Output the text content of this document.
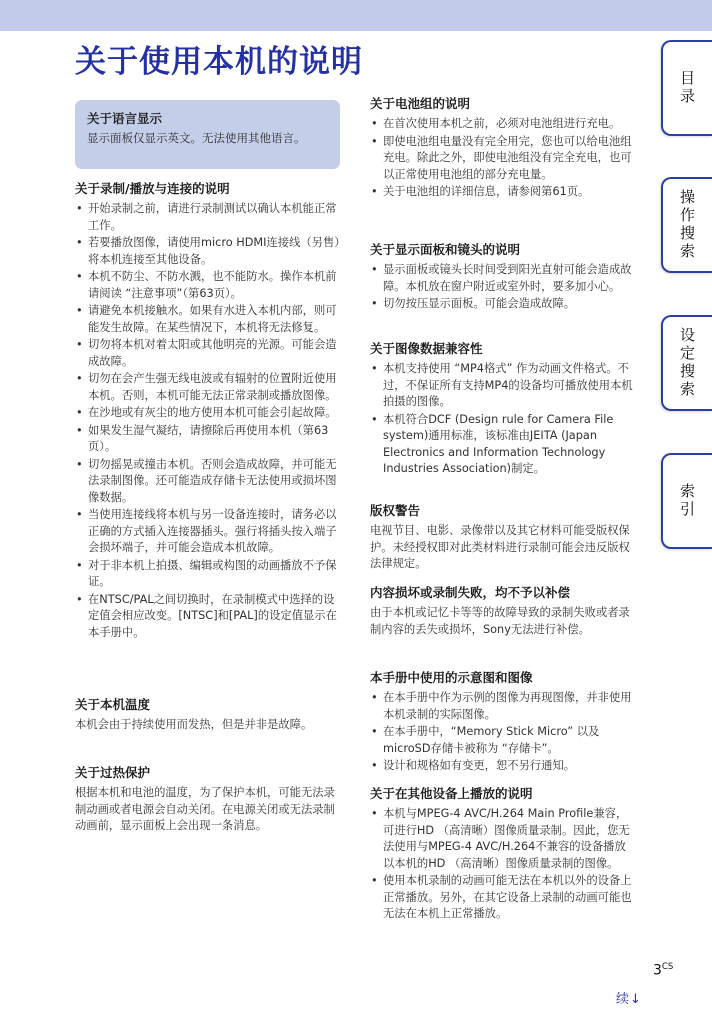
关于使用本机的说明
关于语言显示

显示面板仅显示英文。无法使用其他语言。

关于录制/播放与连接的说明
• 开始录制之前，请进行录制测试以确认本机能正常工作。
• 若要播放图像，请使用micro HDMI连接线（另售）将本机连接至其他设备。
• 本机不防尘、不防水溅，也不能防水。操作本机前请阅读 “注意事项”（第63页）。
• 请避免本机接触水。如果有水进入本机内部，则可能发生故障。在某些情况下，本机将无法修复。
• 切勿将本机对着太阳或其他明亮的光源。可能会造成故障。
• 切勿在会产生强无线电波或有辐射的位置附近使用本机。否则，本机可能无法正常录制或播放图像。
• 在沙地或有灰尘的地方使用本机可能会引起故障。
• 如果发生湿气凝结，请擦除后再使用本机（第63页）。
• 切勿摇晃或撞击本机。否则会造成故障，并可能无法录制图像。还可能造成存储卡无法使用或损坏图像数据。
• 当使用连接线将本机与另一设备连接时，请务必以正确的方式插入连接器插头。强行将插头按入端子会损坏端子，并可能会造成本机故障。
• 对于非本机上拍摄、编辑或构图的动画播放不予保证。
• 在NTSC/PAL之间切换时，在录制模式中选择的设定值会相应改变。[NTSC]和[PAL]的设定值显示在本手册中。
关于本机温度

本机会由于持续使用而发热，但是并非是故障。

关于过热保护

根据本机和电池的温度，为了保护本机，可能无法录制动画或者电源会自动关闭。在电源关闭或无法录制动画前，显示面板上会出现一条消息。

关于电池组的说明
• 在首次使用本机之前，必须对电池组进行充电。
• 即使电池组电量没有完全用完，您也可以给电池组充电。除此之外，即使电池组没有完全充电，也可以正常使用电池组的部分充电量。
• 关于电池组的详细信息，请参阅第61页。
关于显示面板和镜头的说明
• 显示面板或镜头长时间受到阳光直射可能会造成故障。本机放在窗户附近或室外时，要多加小心。
• 切勿按压显示面板。可能会造成故障。
关于图像数据兼容性
• 本机支持使用 “MP4格式” 作为动画文件格式。不过，不保证所有支持MP4的设备均可播放使用本机拍摄的图像。
• 本机符合DCF (Design rule for Camera File system)通用标准，该标准由JEITA (Japan Electronics and Information Technology Industries Association)制定。
版权警告

电视节目、电影、录像带以及其它材料可能受版权保护。未经授权即对此类材料进行录制可能会违反版权法律规定。

内容损坏或录制失败，均不予以补偿

由于本机或记忆卡等等的故障导致的录制失败或者录制内容的丢失或损坏，Sony无法进行补偿。

本手册中使用的示意图和图像
• 在本手册中作为示例的图像为再现图像，并非使用本机录制的实际图像。
• 在本手册中，“Memory Stick Micro” 以及microSD存储卡被称为 “存储卡”。
• 设计和规格如有变更，恕不另行通知。
关于在其他设备上播放的说明
• 本机与MPEG-4 AVC/H.264 Main Profile兼容，可进行HD （高清晰）图像质量录制。因此，您无法使用与MPEG-4 AVC/H.264不兼容的设备播放以本机的HD （高清晰）图像质量录制的图像。
• 使用本机录制的动画可能无法在本机以外的设备上正常播放。另外，在其它设备上录制的动画可能也无法在本机上正常播放。
目录
操作搜索
设定搜索
索引
$3^{CS}$
续↓
